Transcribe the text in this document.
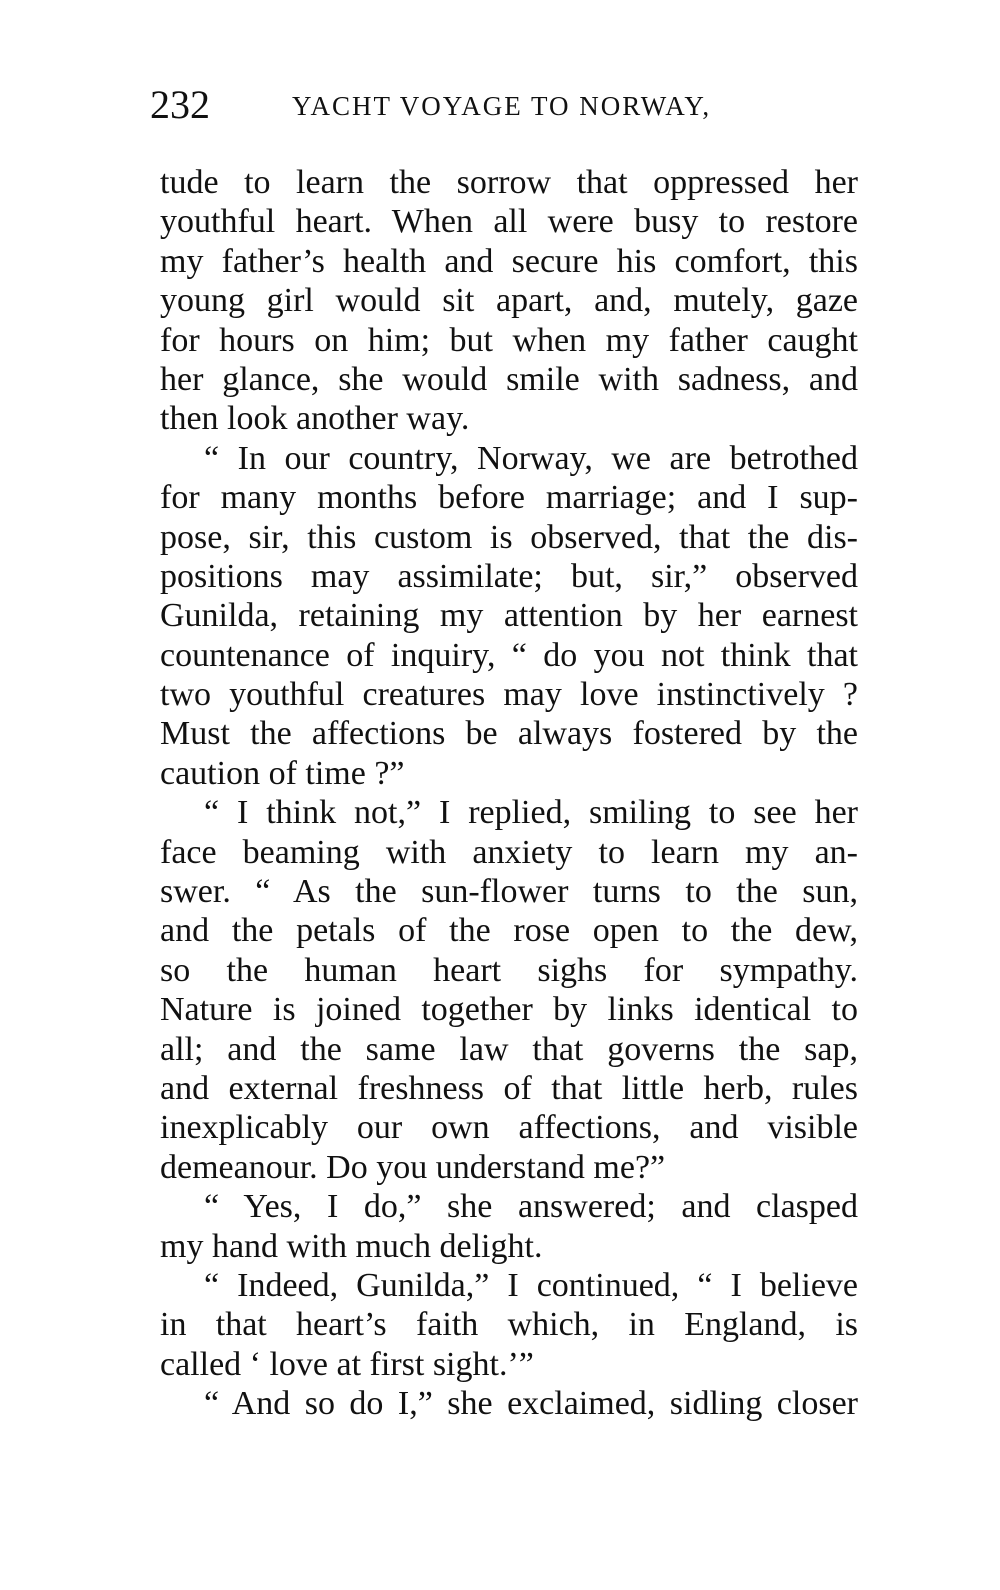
232	YACHT VOYAGE TO NORWAY,
tude to learn the sorrow that oppressed her
youthful heart. When all were busy to restore
my father’s health and secure his comfort, this
young girl would sit apart, and, mutely, gaze
for hours on him; but when my father caught
her glance, she would smile with sadness, and
then look another way.
“ In our country, Norway, we are betrothed
for many months before marriage; and I sup-
pose, sir, this custom is observed, that the dis-
positions may assimilate; but, sir,” observed
Gunilda, retaining my attention by her earnest
countenance of inquiry, “ do you not think that
two youthful creatures may love instinctively ?
Must the affections be always fostered by the
caution of time ?”
“ I think not,” I replied, smiling to see her
face beaming with anxiety to learn my an-
swer. “ As the sun-flower turns to the sun,
and the petals of the rose open to the dew,
so the human heart sighs for sympathy.
Nature is joined together by links identical to
all; and the same law that governs the sap,
and external freshness of that little herb, rules
inexplicably our own affections, and visible
demeanour. Do you understand me?”
“ Yes, I do,” she answered; and clasped
my hand with much delight.
“ Indeed, Gunilda,” I continued, “ I believe
in that heart’s faith which, in England, is
called ‘ love at first sight.’”
“ And so do I,” she exclaimed, sidling closer
